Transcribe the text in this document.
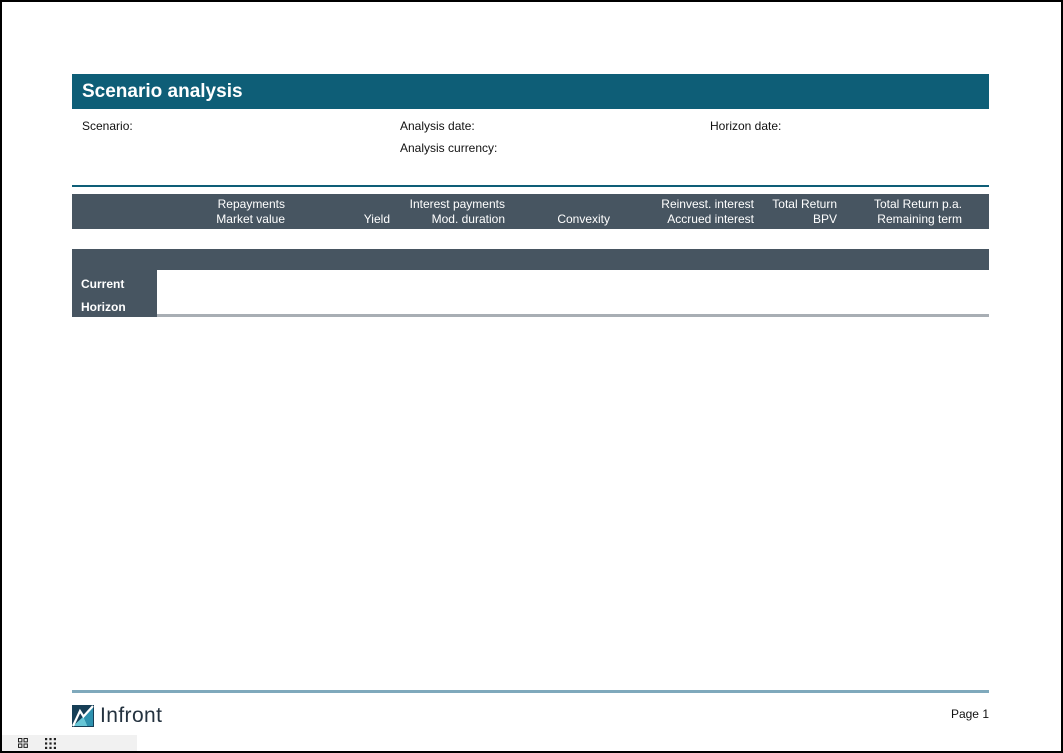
Scenario analysis
Scenario:	Analysis date:	Horizon date:
Analysis currency:
Repayments	Interest payments	Reinvest. interest	Total Return	Total Return p.a.
Market value	Yield	Mod. duration	Convexity	Accrued interest	BPV	Remaining term
Current
Horizon
Infront	Page 1
